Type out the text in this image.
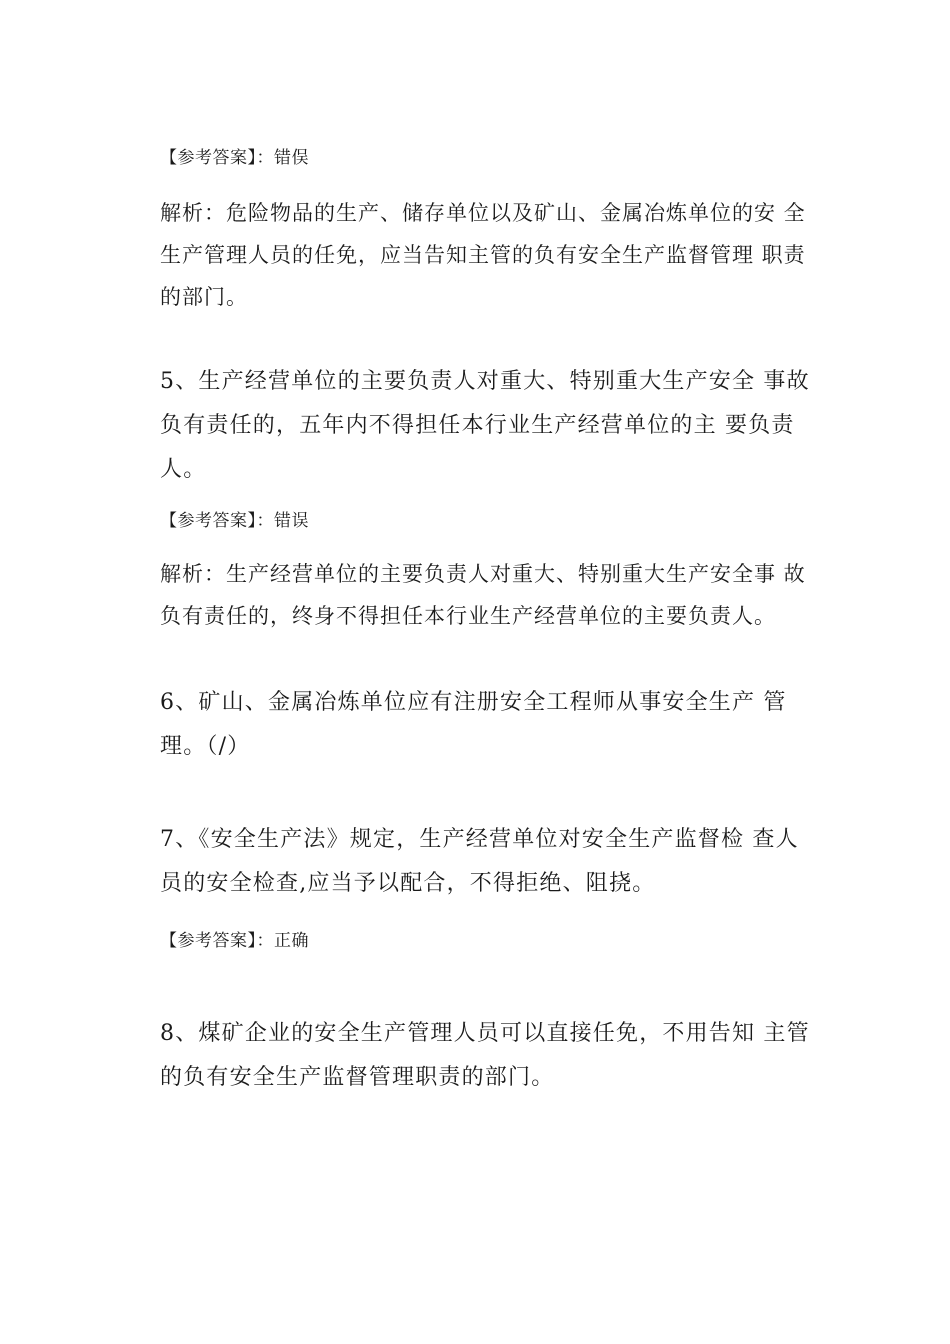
【参考答案】：错俣
解析：危险物品的生产、储存单位以及矿山、金属冶炼单位的安 全
生产管理人员的任免，应当告知主管的负有安全生产监督管理 职责
的部门。
5、生产经营单位的主要负责人对重大、特别重大生产安全 事故
负有责任的，五年内不得担任本行业生产经营单位的主 要负责
人。
【参考答案】：错误
解析：生产经营单位的主要负责人对重大、特别重大生产安全事 故
负有责任的，终身不得担任本行业生产经营单位的主要负责人。
6、矿山、金属冶炼单位应有注册安全工程师从事安全生产 管
理。（/）
7、《安全生产法》规定，生产经营单位对安全生产监督检 查人
员的安全检查,应当予以配合，不得拒绝、阻挠。
【参考答案】：正确
8、煤矿企业的安全生产管理人员可以直接任免，不用告知 主管
的负有安全生产监督管理职责的部门。
